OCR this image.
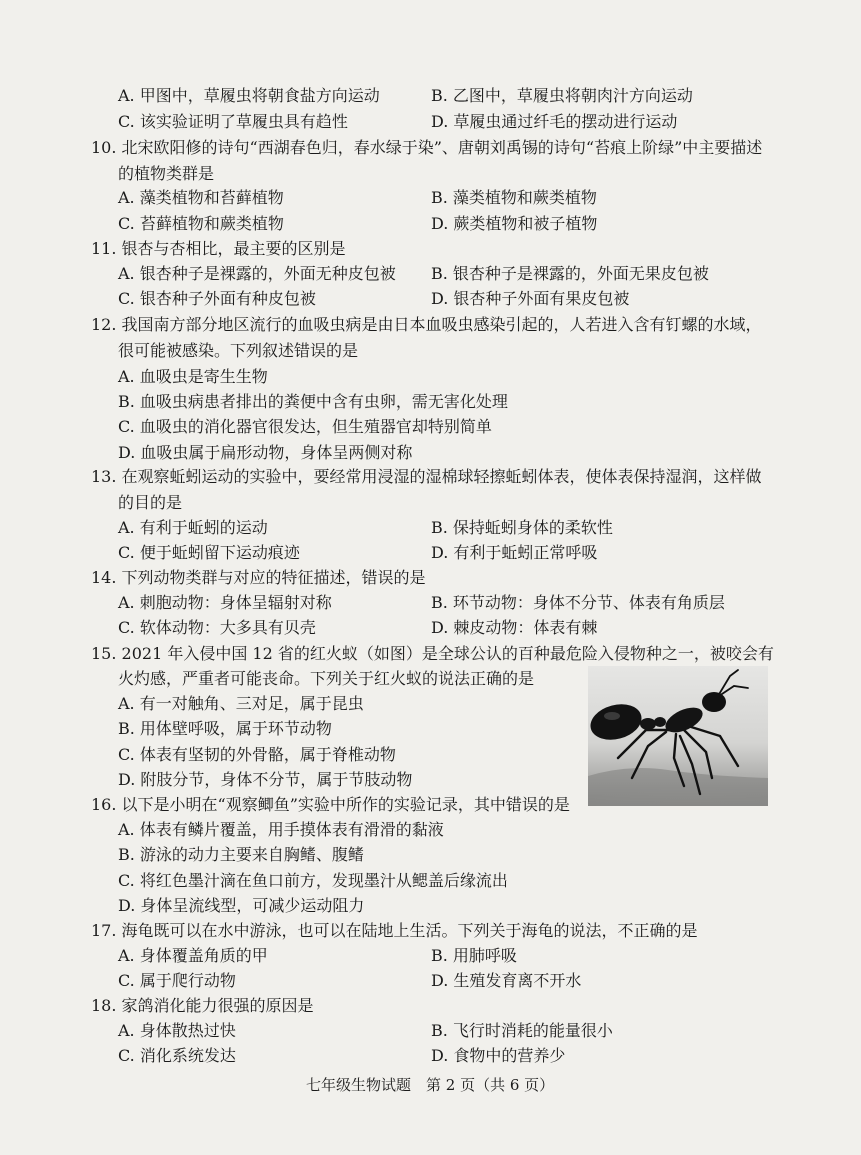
A. 甲图中，草履虫将朝食盐方向运动	B. 乙图中，草履虫将朝肉汁方向运动
C. 该实验证明了草履虫具有趋性	D. 草履虫通过纤毛的摆动进行运动
10. 北宋欧阳修的诗句“西湖春色归，春水绿于染”、唐朝刘禹锡的诗句“苔痕上阶绿”中主要描述
的植物类群是
A. 藻类植物和苔藓植物	B. 藻类植物和蕨类植物
C. 苔藓植物和蕨类植物	D. 蕨类植物和被子植物
11. 银杏与杏相比，最主要的区别是
A. 银杏种子是裸露的，外面无种皮包被 B. 银杏种子是裸露的，外面无果皮包被
C. 银杏种子外面有种皮包被	D. 银杏种子外面有果皮包被
12. 我国南方部分地区流行的血吸虫病是由日本血吸虫感染引起的，人若进入含有钉螺的水域，
很可能被感染。下列叙述错误的是
A. 血吸虫是寄生生物
B. 血吸虫病患者排出的粪便中含有虫卵，需无害化处理
C. 血吸虫的消化器官很发达，但生殖器官却特别简单
D. 血吸虫属于扁形动物，身体呈两侧对称
13. 在观察蚯蚓运动的实验中，要经常用浸湿的湿棉球轻擦蚯蚓体表，使体表保持湿润，这样做
的目的是
A. 有利于蚯蚓的运动	B. 保持蚯蚓身体的柔软性
C. 便于蚯蚓留下运动痕迹	D. 有利于蚯蚓正常呼吸
14. 下列动物类群与对应的特征描述，错误的是
A. 刺胞动物：身体呈辐射对称	B. 环节动物：身体不分节、体表有角质层
C. 软体动物：大多具有贝壳	D. 棘皮动物：体表有棘
15. 2021 年入侵中国 12 省的红火蚁（如图）是全球公认的百种最危险入侵物种之一，被咬会有
火灼感，严重者可能丧命。下列关于红火蚁的说法正确的是
A. 有一对触角、三对足，属于昆虫
B. 用体壁呼吸，属于环节动物
C. 体表有坚韧的外骨骼，属于脊椎动物
D. 附肢分节，身体不分节，属于节肢动物
16. 以下是小明在“观察鲫鱼”实验中所作的实验记录，其中错误的是
A. 体表有鳞片覆盖，用手摸体表有滑滑的黏液
B. 游泳的动力主要来自胸鳍、腹鳍
C. 将红色墨汁滴在鱼口前方，发现墨汁从鳃盖后缘流出
D. 身体呈流线型，可减少运动阻力
17. 海龟既可以在水中游泳，也可以在陆地上生活。下列关于海龟的说法，不正确的是
A. 身体覆盖角质的甲	B. 用肺呼吸
C. 属于爬行动物	D. 生殖发育离不开水
18. 家鸽消化能力很强的原因是
A. 身体散热过快	B. 飞行时消耗的能量很小
C. 消化系统发达	D. 食物中的营养少
七年级生物试题　第 2 页（共 6 页）
